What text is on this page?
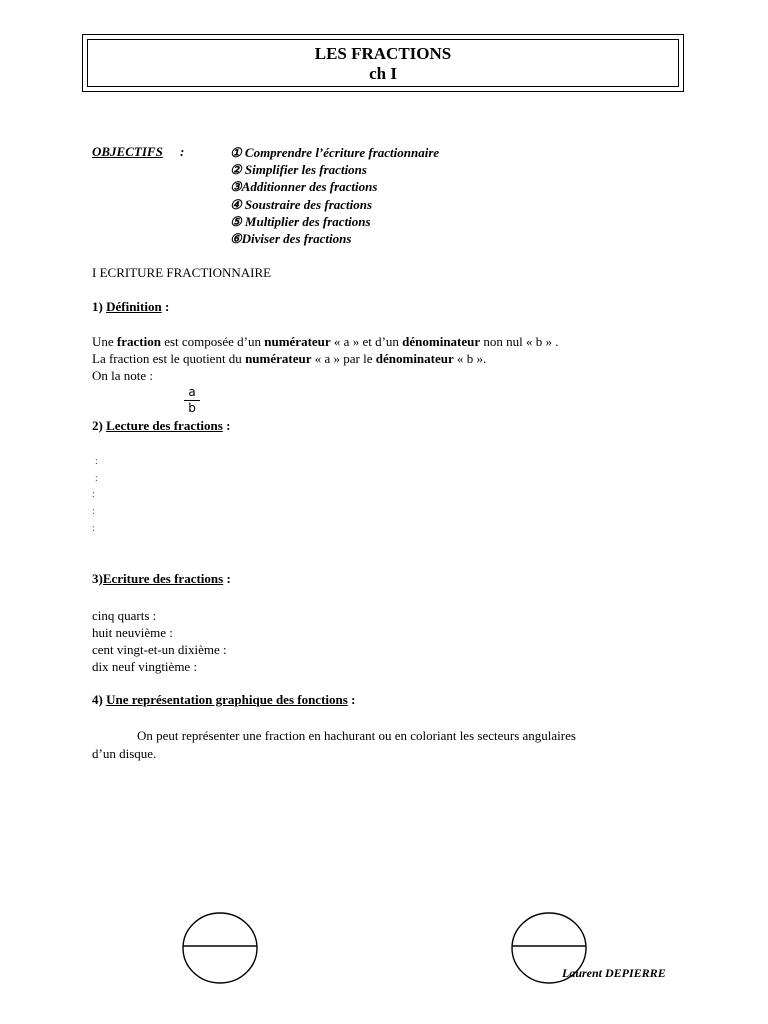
LES FRACTIONS
ch I
OBJECTIFS :	① Comprendre l’écriture fractionnaire
② Simplifier les fractions
③Additionner des fractions
④ Soustraire des fractions
⑤ Multiplier des fractions
⑥Diviser des fractions
I ECRITURE FRACTIONNAIRE
1) Définition :
Une fraction est composée d’un numérateur « a » et d’un dénominateur non nul « b » .
La fraction est le quotient du numérateur « a » par le dénominateur « b ».
On la note :
a
b
2) Lecture des fractions :
:
:
:
:
:
3)Ecriture des fractions :
cinq quarts :
huit neuvième :
cent vingt-et-un dixième :
dix neuf vingtième :
4) Une représentation graphique des fonctions :
On peut représenter une fraction en hachurant ou en coloriant les secteurs angulaires
d’un disque.
Laurent DEPIERRE
